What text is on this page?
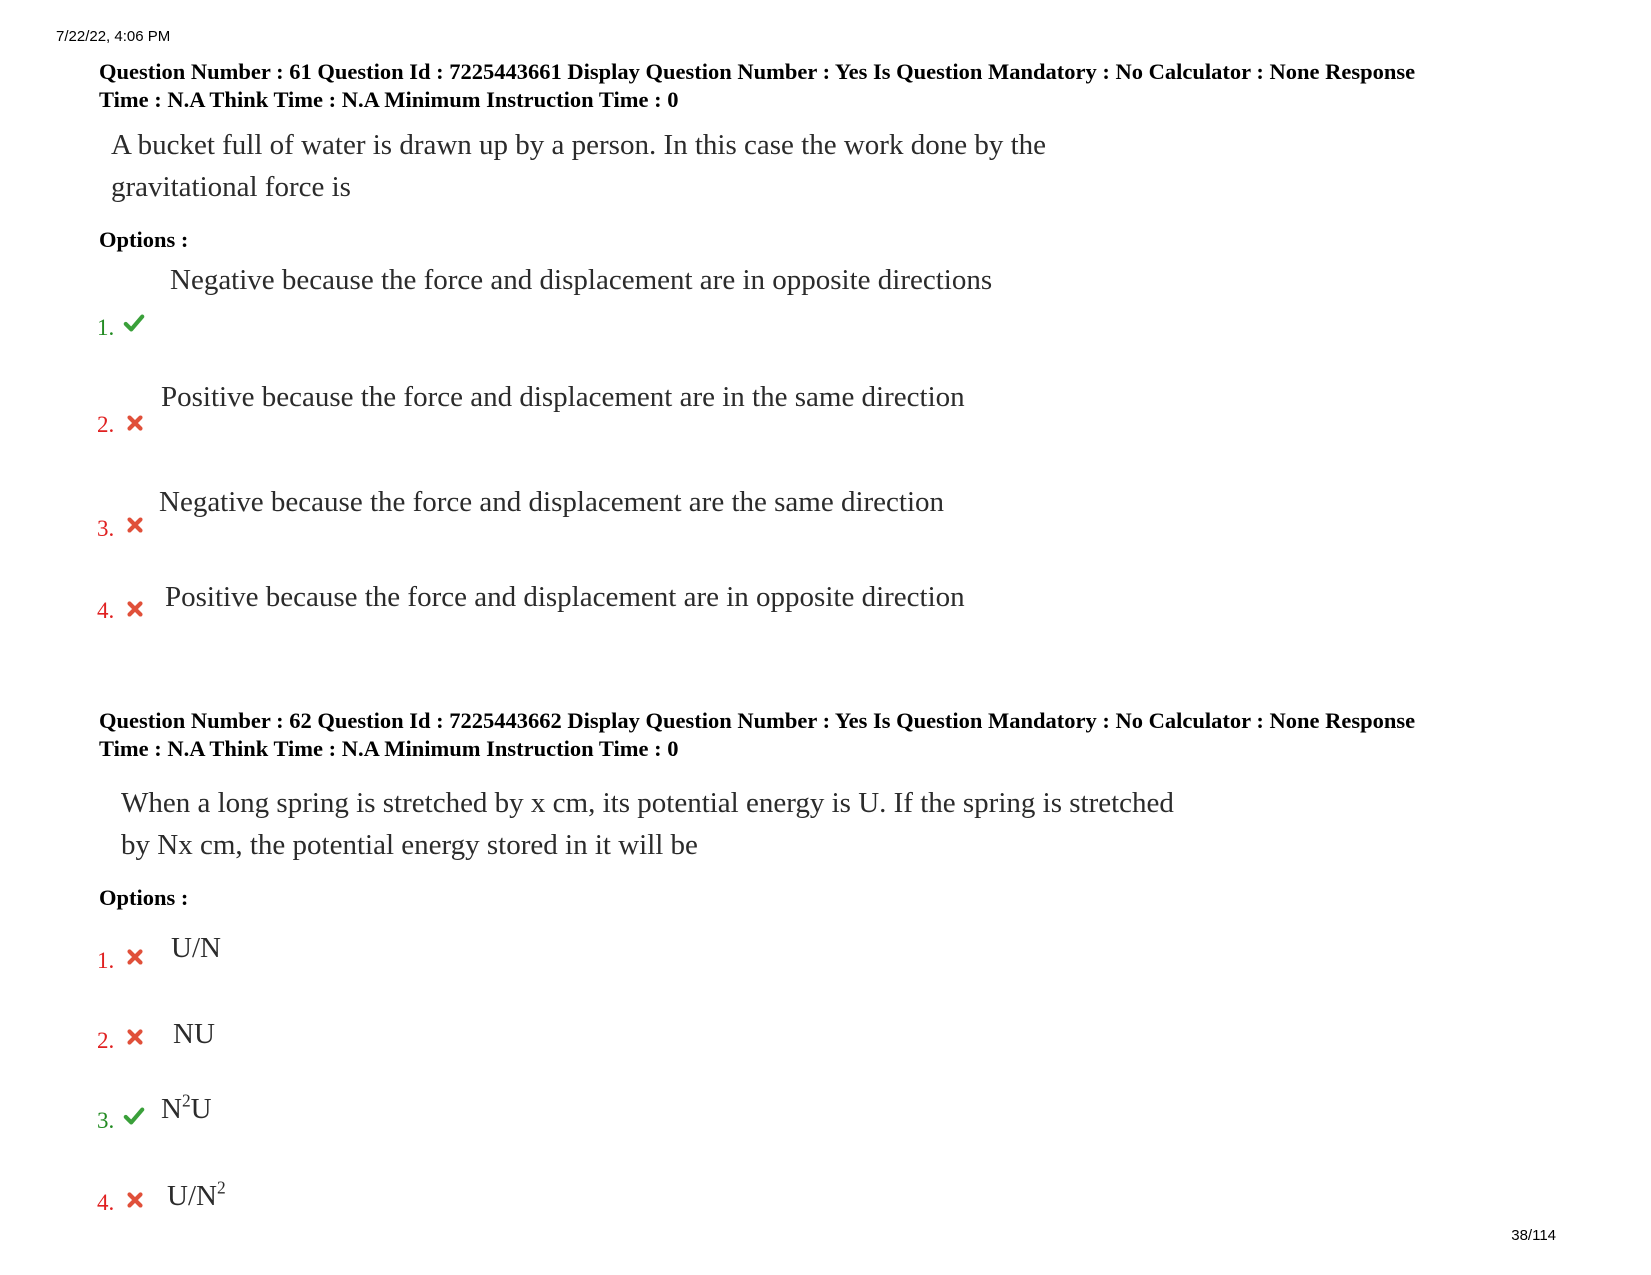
7/22/22, 4:06 PM
Question Number : 61 Question Id : 7225443661 Display Question Number : Yes Is Question Mandatory : No Calculator : None Response
Time : N.A Think Time : N.A Minimum Instruction Time : 0
A bucket full of water is drawn up by a person. In this case the work done by the
gravitational force is
Options :
1.
Negative because the force and displacement are in opposite directions
2.
Positive because the force and displacement are in the same direction
3.
Negative because the force and displacement are the same direction
4. Positive because the force and displacement are in opposite direction
Question Number : 62 Question Id : 7225443662 Display Question Number : Yes Is Question Mandatory : No Calculator : None Response
Time : N.A Think Time : N.A Minimum Instruction Time : 0
When a long spring is stretched by x cm, its potential energy is U. If the spring is stretched
by Nx cm, the potential energy stored in it will be
Options :
1. U/N
2. NU
3. $N^2U$
4. $U/N^2$
38/114
